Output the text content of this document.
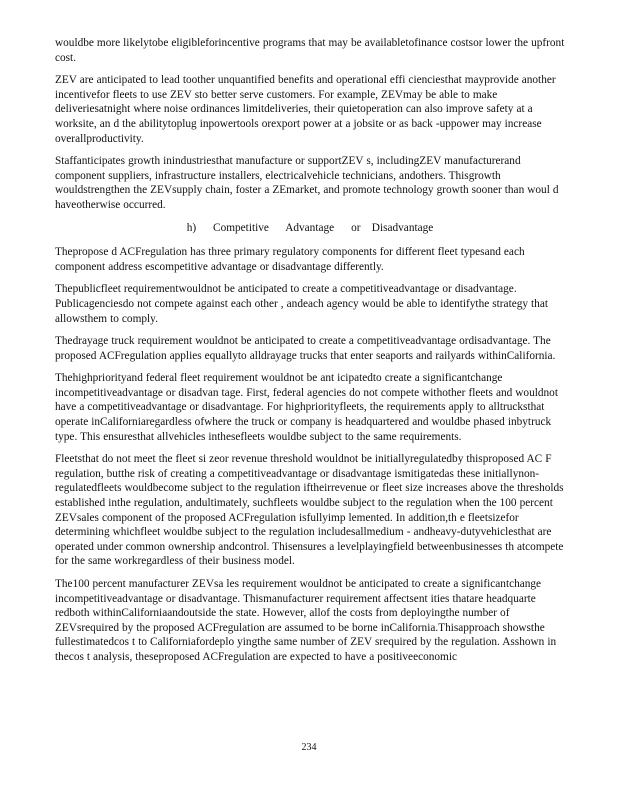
wouldbe more likelytobe eligibleforincentive programs that may be availabletofinance costsor lower the upfront cost.

ZEV are anticipated to lead toother unquantified benefits and operational effi cienciesthat mayprovide another incentivefor fleets to use ZEV sto better serve customers. For example, ZEVmay be able to make deliveriesatnight where noise ordinances limitdeliveries, their quietoperation can also improve safety at a worksite, an d the abilitytoplug inpowertools orexport power at a jobsite or as back -uppower may increase overallproductivity.

Staffanticipates growth inindustriesthat manufacture or supportZEV s, includingZEV manufacturerand component suppliers, infrastructure installers, electricalvehicle technicians, andothers. Thisgrowth wouldstrengthen the ZEVsupply chain, foster a ZEmarket, and promote technology growth sooner than woul d haveotherwise occurred.

h)      Competitive      Advantage      or    Disadvantage

Thepropose d ACFregulation has three primary regulatory components for different fleet typesand each component address escompetitive advantage or disadvantage differently.

Thepublicfleet requirementwouldnot be anticipated to create a competitiveadvantage or disadvantage. Publicagenciesdo not compete against each other , andeach agency would be able to identifythe strategy that allowsthem to comply.

Thedrayage truck requirement wouldnot be anticipated to create a competitiveadvantage ordisadvantage. The proposed ACFregulation applies equallyto alldrayage trucks that enter seaports and railyards withinCalifornia.

Thehighpriorityand federal fleet requirement wouldnot be ant icipatedto create a significantchange incompetitiveadvantage or disadvan tage. First, federal agencies do not compete withother fleets and wouldnot have a competitiveadvantage or disadvantage. For highpriorityfleets, the requirements apply to alltrucksthat operate inCaliforniaregardless ofwhere the truck or company is headquartered and wouldbe phased inbytruck type. This ensuresthat allvehicles inthesefleets wouldbe subject to the same requirements.

Fleetsthat do not meet the fleet si zeor revenue threshold wouldnot be initiallyregulatedby thisproposed AC F regulation, butthe risk of creating a competitiveadvantage or disadvantage ismitigatedas these initiallynon-regulatedfleets wouldbecome subject to the regulation iftheirrevenue or fleet size increases above the thresholds established inthe regulation, andultimately, suchfleets wouldbe subject to the regulation when the 100 percent ZEVsales component of the proposed ACFregulation isfullyimp lemented. In addition,th e fleetsizefor determining whichfleet wouldbe subject to the regulation includesallmedium - andheavy-dutyvehiclesthat are operated under common ownership andcontrol. Thisensures a levelplayingfield betweenbusinesses th atcompete for the same workregardless of their business model.

The100 percent manufacturer ZEVsa les requirement wouldnot be anticipated to create a significantchange incompetitiveadvantage or disadvantage. Thismanufacturer requirement affectsent ities thatare headquarte redboth withinCaliforniaandoutside the state. However, allof the costs from deployingthe number of ZEVsrequired by the proposed ACFregulation are assumed to be borne inCalifornia.Thisapproach showsthe fullestimatedcos t to Californiafordeplo yingthe same number of ZEV srequired by the regulation. Asshown in thecos t analysis, theseproposed ACFregulation are expected to have a positiveeconomic

234
